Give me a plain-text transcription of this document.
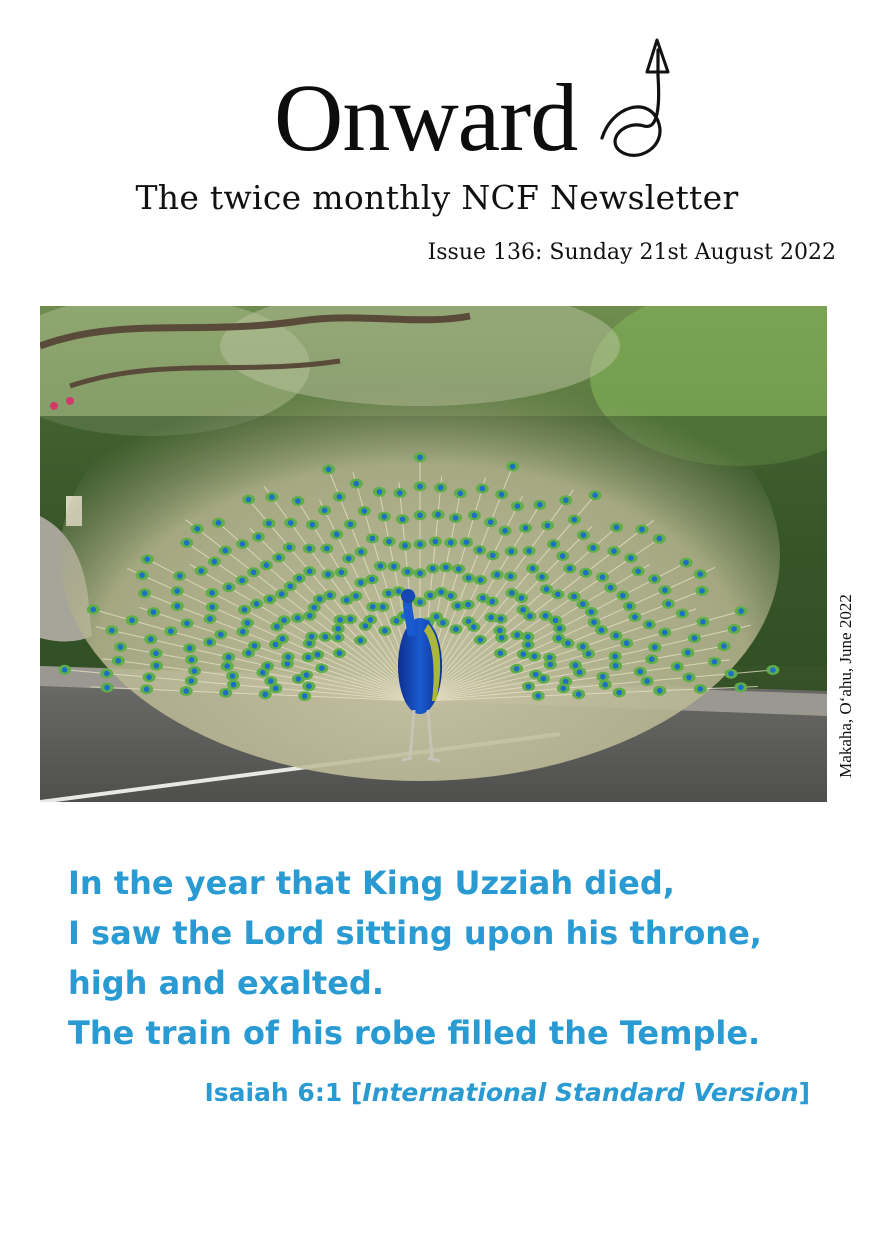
Onward
The twice monthly NCF Newsletter

Issue 136: Sunday 21st August 2022

Makaha, O‘ahu, June 2022
In the year that King Uzziah died,
I saw the Lord sitting upon his throne,
high and exalted.
The train of his robe filled the Temple.

Isaiah 6:1 [International Standard Version]
